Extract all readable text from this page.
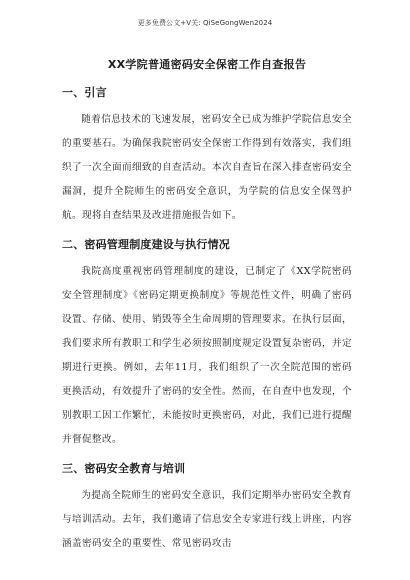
更多免费公文+V关: QiSeGongWen2024
XX学院普通密码安全保密工作自查报告
一、引言

随着信息技术的飞速发展，密码安全已成为维护学院信息安全的重要基石。为确保我院密码安全保密工作得到有效落实，我们组织了一次全面而细致的自查活动。本次自查旨在深入排查密码安全漏洞，提升全院师生的密码安全意识，为学院的信息安全保驾护航。现将自查结果及改进措施报告如下。

二、密码管理制度建设与执行情况

我院高度重视密码管理制度的建设，已制定了《XX学院密码安全管理制度》《密码定期更换制度》等规范性文件，明确了密码设置、存储、使用、销毁等全生命周期的管理要求。在执行层面，我们要求所有教职工和学生必须按照制度规定设置复杂密码，并定期进行更换。例如，去年11月，我们组织了一次全院范围的密码更换活动，有效提升了密码的安全性。然而，在自查中也发现，个别教职工因工作繁忙，未能按时更换密码，对此，我们已进行提醒并督促整改。

三、密码安全教育与培训

为提高全院师生的密码安全意识，我们定期举办密码安全教育与培训活动。去年，我们邀请了信息安全专家进行线上讲座，内容涵盖密码安全的重要性、常见密码攻击
